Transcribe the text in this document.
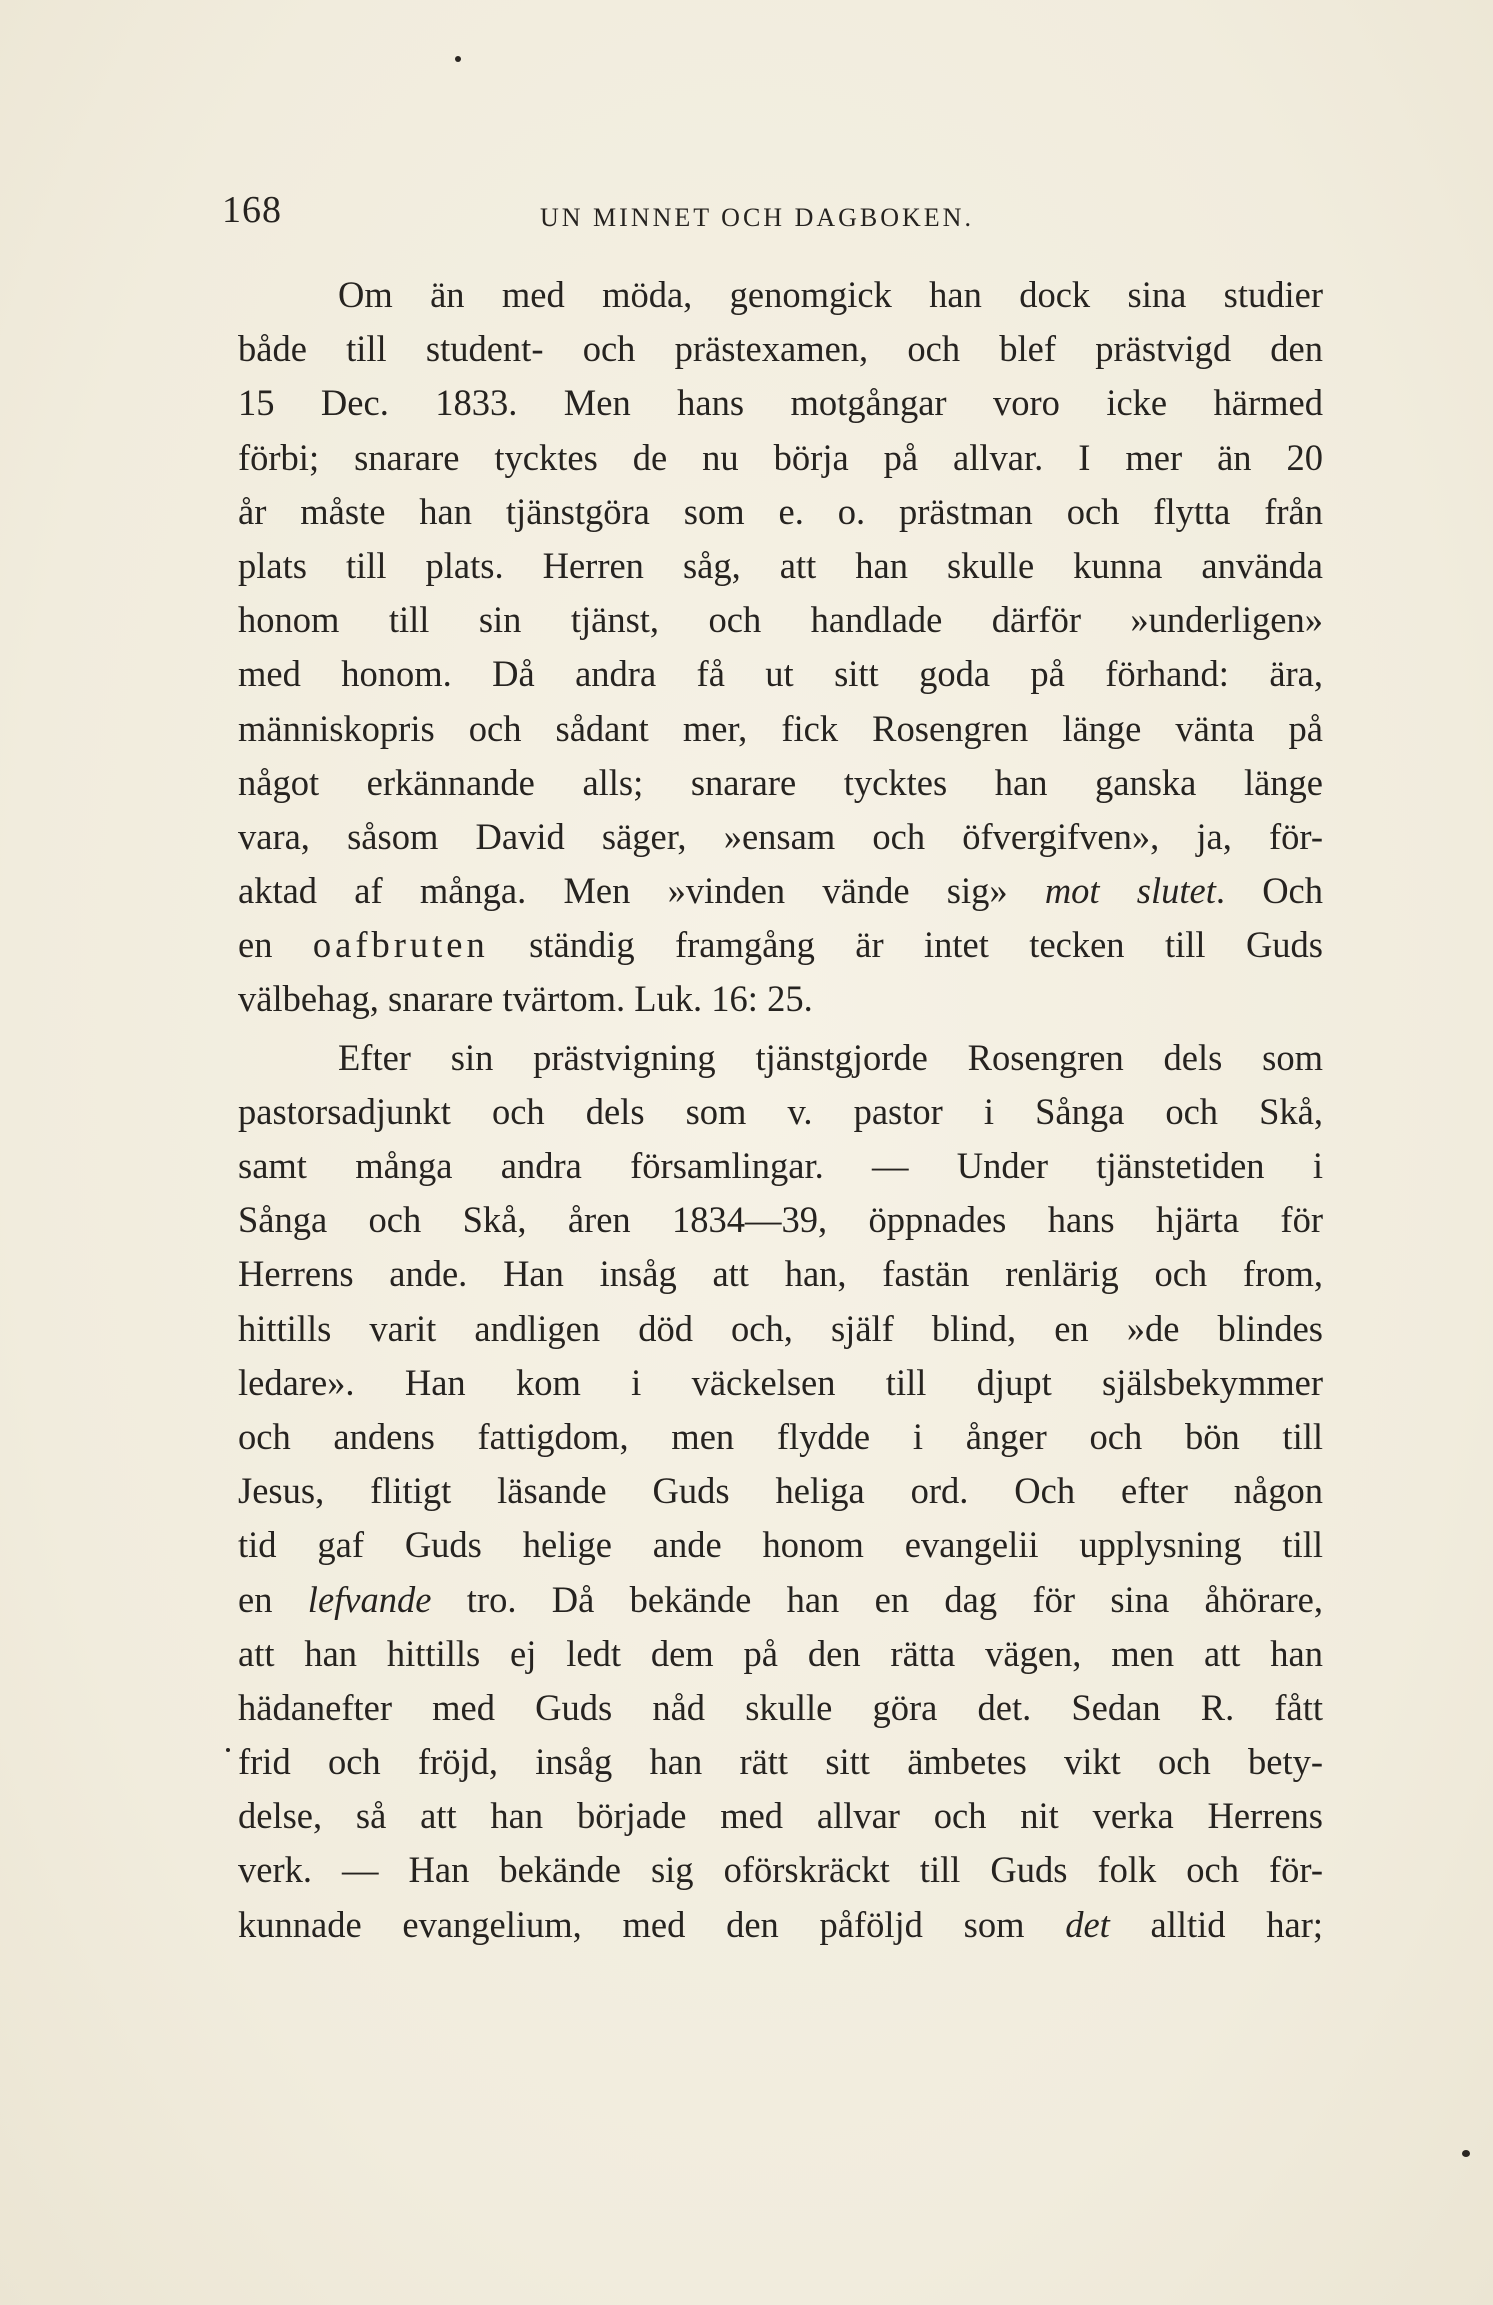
168	UN MINNET OCH DAGBOKEN.
Om än med möda, genomgick han dock sina studier
både till student- och prästexamen, och blef prästvigd den
15 Dec. 1833. Men hans motgångar voro icke härmed
förbi; snarare tycktes de nu börja på allvar. I mer än 20
år måste han tjänstgöra som e. o. prästman och flytta från
plats till plats. Herren såg, att han skulle kunna använda
honom till sin tjänst, och handlade därför »underligen»
med honom. Då andra få ut sitt goda på förhand: ära,
människopris och sådant mer, fick Rosengren länge vänta på
något erkännande alls; snarare tycktes han ganska länge
vara, såsom David säger, »ensam och öfvergifven», ja, för-
aktad af många. Men »vinden vände sig» mot slutet. Och
en oafbruten ständig framgång är intet tecken till Guds
välbehag, snarare tvärtom. Luk. 16: 25.
Efter sin prästvigning tjänstgjorde Rosengren dels som
pastorsadjunkt och dels som v. pastor i Sånga och Skå,
samt många andra församlingar. — Under tjänstetiden i
Sånga och Skå, åren 1834—39, öppnades hans hjärta för
Herrens ande. Han insåg att han, fastän renlärig och from,
hittills varit andligen död och, själf blind, en »de blindes
ledare». Han kom i väckelsen till djupt själsbekymmer
och andens fattigdom, men flydde i ånger och bön till
Jesus, flitigt läsande Guds heliga ord. Och efter någon
tid gaf Guds helige ande honom evangelii upplysning till
en lefvande tro. Då bekände han en dag för sina åhörare,
att han hittills ej ledt dem på den rätta vägen, men att han
hädanefter med Guds nåd skulle göra det. Sedan R. fått
frid och fröjd, insåg han rätt sitt ämbetes vikt och bety-
delse, så att han började med allvar och nit verka Herrens
verk. — Han bekände sig oförskräckt till Guds folk och för-
kunnade evangelium, med den påföljd som det alltid har;
